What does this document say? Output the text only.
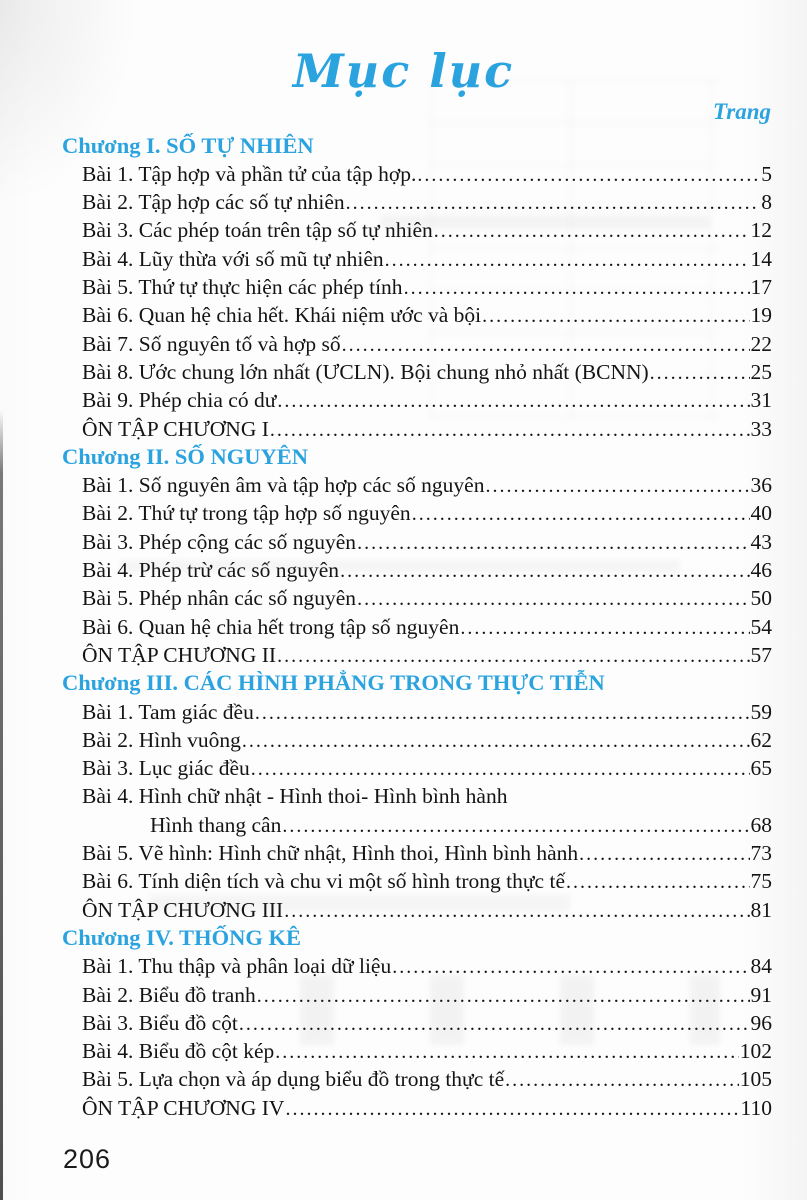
Mục lục
Trang
Chương I. SỐ TỰ NHIÊN
Bài 1. Tập hợp và phần tử của tập hợp. .....	5
Bài 2. Tập hợp các số tự nhiên .....	8
Bài 3. Các phép toán trên tập số tự nhiên .....	12
Bài 4. Lũy thừa với số mũ tự nhiên .....	14
Bài 5. Thứ tự thực hiện các phép tính .....	17
Bài 6. Quan hệ chia hết. Khái niệm ước và bội .....	19
Bài 7. Số nguyên tố và hợp số .....	22
Bài 8. Ước chung lớn nhất (ƯCLN). Bội chung nhỏ nhất (BCNN) .....	25
Bài 9. Phép chia có dư .....	31
ÔN TẬP CHƯƠNG I .....	33
Chương II. SỐ NGUYÊN
Bài 1. Số nguyên âm và tập hợp các số nguyên .....	36
Bài 2. Thứ tự trong tập hợp số nguyên .....	40
Bài 3. Phép cộng các số nguyên .....	43
Bài 4. Phép trừ các số nguyên .....	46
Bài 5. Phép nhân các số nguyên .....	50
Bài 6. Quan hệ chia hết trong tập số nguyên .....	54
ÔN TẬP CHƯƠNG II .....	57
Chương III. CÁC HÌNH PHẲNG TRONG THỰC TIỄN
Bài 1. Tam giác đều .....	59
Bài 2. Hình vuông .....	62
Bài 3. Lục giác đều .....	65
Bài 4. Hình chữ nhật - Hình thoi- Hình bình hành
Hình thang cân .....	68
Bài 5. Vẽ hình: Hình chữ nhật, Hình thoi, Hình bình hành .....	73
Bài 6. Tính diện tích và chu vi một số hình trong thực tế .....	75
ÔN TẬP CHƯƠNG III .....	81
Chương IV. THỐNG KÊ
Bài 1. Thu thập và phân loại dữ liệu .....	84
Bài 2. Biểu đồ tranh .....	91
Bài 3. Biểu đồ cột .....	96
Bài 4. Biểu đồ cột kép .....	102
Bài 5. Lựa chọn và áp dụng biểu đồ trong thực tế .....	105
ÔN TẬP CHƯƠNG IV .....	110
206
